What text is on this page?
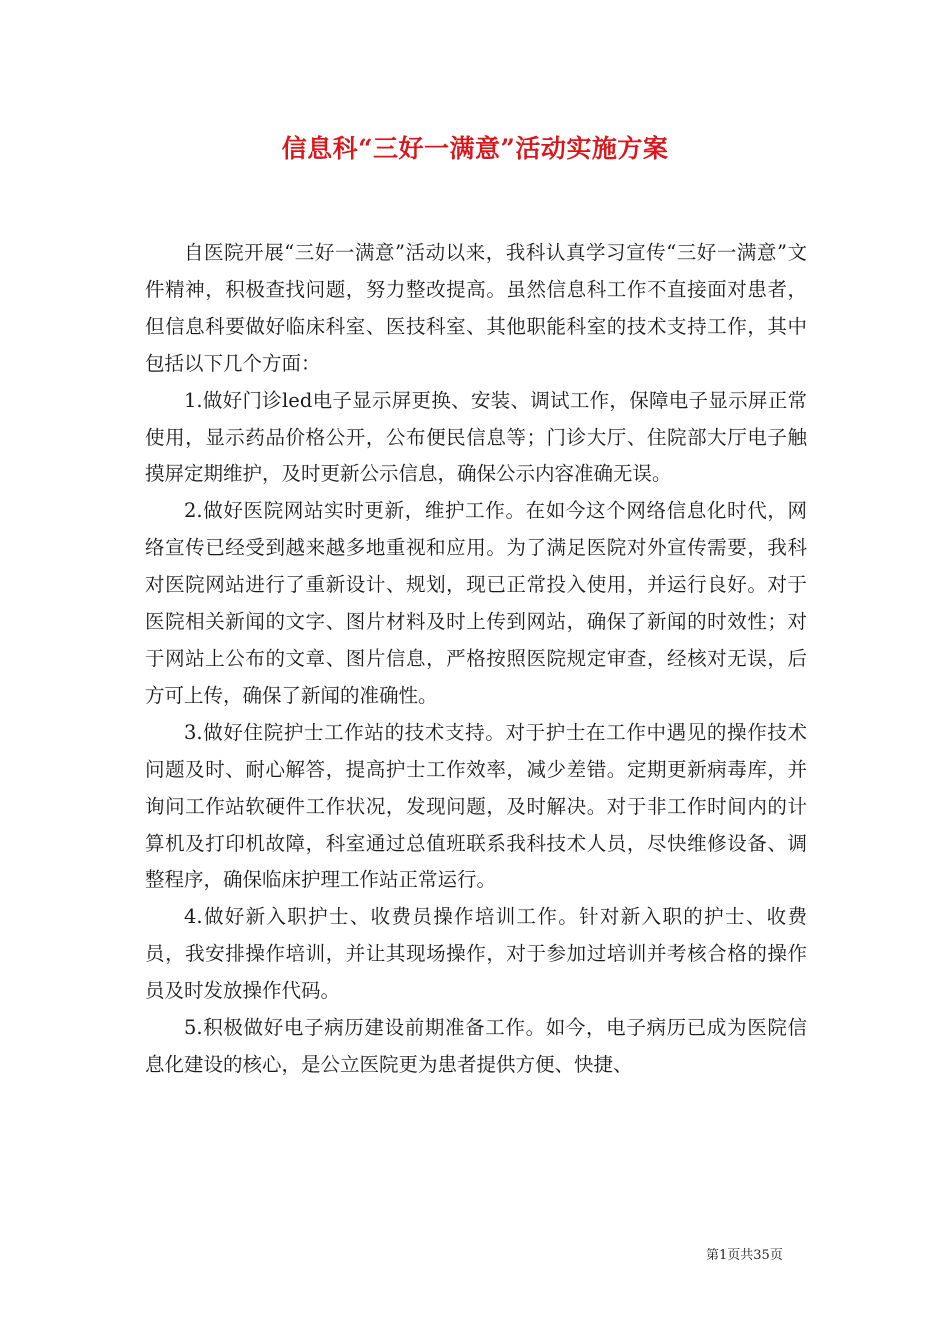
信息科“三好一满意”活动实施方案

自医院开展“三好一满意”活动以来，我科认真学习宣传“三好一满意”文件精神，积极查找问题，努力整改提高。虽然信息科工作不直接面对患者，但信息科要做好临床科室、医技科室、其他职能科室的技术支持工作，其中包括以下几个方面：

1.做好门诊led电子显示屏更换、安装、调试工作，保障电子显示屏正常使用，显示药品价格公开，公布便民信息等；门诊大厅、住院部大厅电子触摸屏定期维护，及时更新公示信息，确保公示内容准确无误。

2.做好医院网站实时更新，维护工作。在如今这个网络信息化时代，网络宣传已经受到越来越多地重视和应用。为了满足医院对外宣传需要，我科对医院网站进行了重新设计、规划，现已正常投入使用，并运行良好。对于医院相关新闻的文字、图片材料及时上传到网站，确保了新闻的时效性；对于网站上公布的文章、图片信息，严格按照医院规定审查，经核对无误，后方可上传，确保了新闻的准确性。

3.做好住院护士工作站的技术支持。对于护士在工作中遇见的操作技术问题及时、耐心解答，提高护士工作效率，减少差错。定期更新病毒库，并询问工作站软硬件工作状况，发现问题，及时解决。对于非工作时间内的计算机及打印机故障，科室通过总值班联系我科技术人员，尽快维修设备、调整程序，确保临床护理工作站正常运行。

4.做好新入职护士、收费员操作培训工作。针对新入职的护士、收费员，我安排操作培训，并让其现场操作，对于参加过培训并考核合格的操作员及时发放操作代码。

5.积极做好电子病历建设前期准备工作。如今，电子病历已成为医院信息化建设的核心，是公立医院更为患者提供方便、快捷、

第1页共35页
